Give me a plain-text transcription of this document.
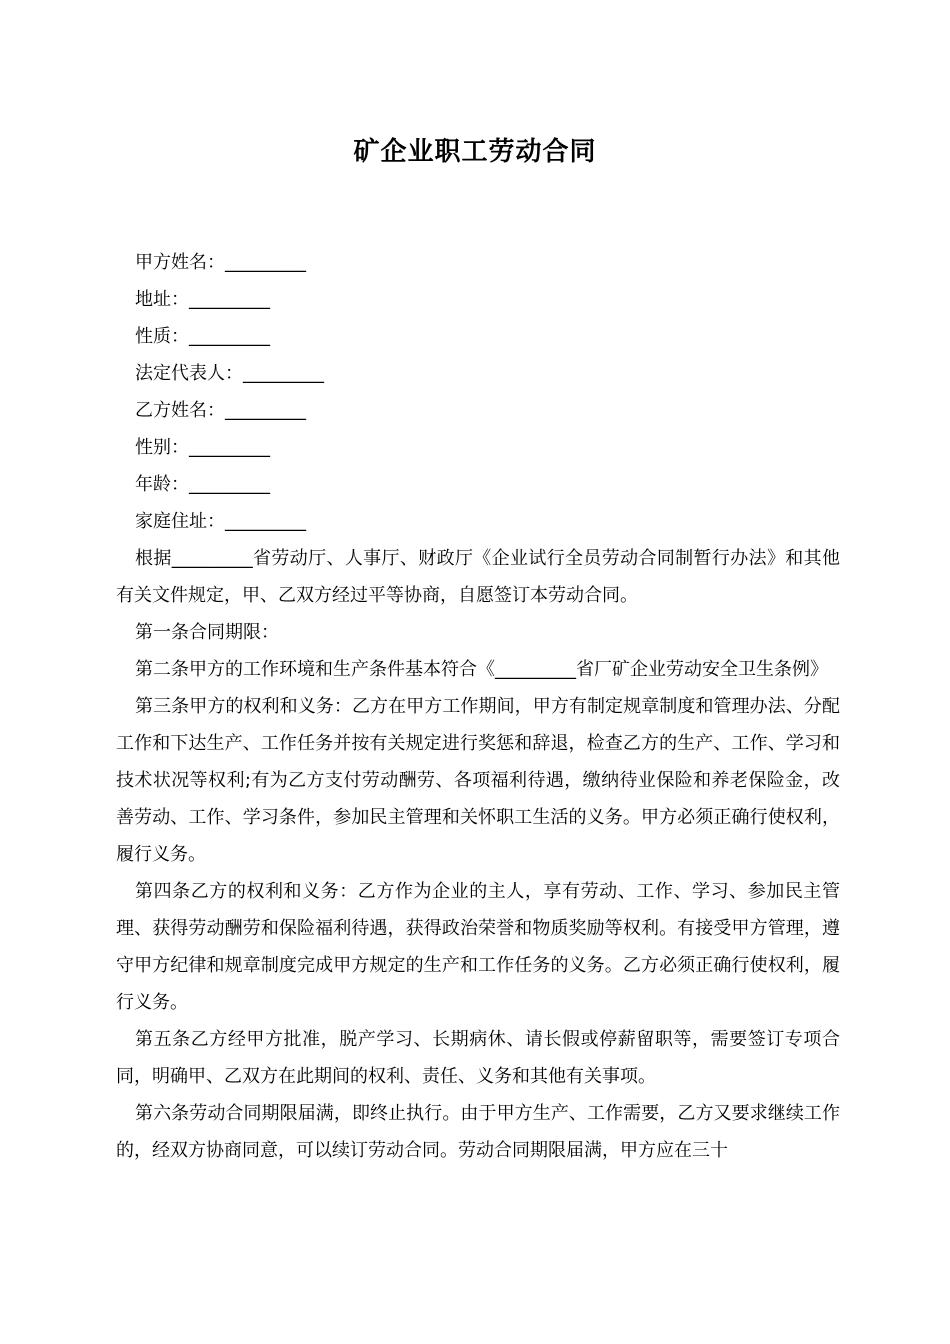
矿企业职工劳动合同

甲方姓名：_________

地址：_________

性质：_________

法定代表人：_________

乙方姓名：_________

性别：_________

年龄：_________

家庭住址：_________

根据_________省劳动厅、人事厅、财政厅《企业试行全员劳动合同制暂行办法》和其他有关文件规定，甲、乙双方经过平等协商，自愿签订本劳动合同。

第一条合同期限：

第二条甲方的工作环境和生产条件基本符合《_________省厂矿企业劳动安全卫生条例》

第三条甲方的权利和义务：乙方在甲方工作期间，甲方有制定规章制度和管理办法、分配工作和下达生产、工作任务并按有关规定进行奖惩和辞退，检查乙方的生产、工作、学习和技术状况等权利;有为乙方支付劳动酬劳、各项福利待遇，缴纳待业保险和养老保险金，改善劳动、工作、学习条件，参加民主管理和关怀职工生活的义务。甲方必须正确行使权利，履行义务。

第四条乙方的权利和义务：乙方作为企业的主人，享有劳动、工作、学习、参加民主管理、获得劳动酬劳和保险福利待遇，获得政治荣誉和物质奖励等权利。有接受甲方管理，遵守甲方纪律和规章制度完成甲方规定的生产和工作任务的义务。乙方必须正确行使权利，履行义务。

第五条乙方经甲方批准，脱产学习、长期病休、请长假或停薪留职等，需要签订专项合同，明确甲、乙双方在此期间的权利、责任、义务和其他有关事项。

第六条劳动合同期限届满，即终止执行。由于甲方生产、工作需要，乙方又要求继续工作的，经双方协商同意，可以续订劳动合同。劳动合同期限届满，甲方应在三十
